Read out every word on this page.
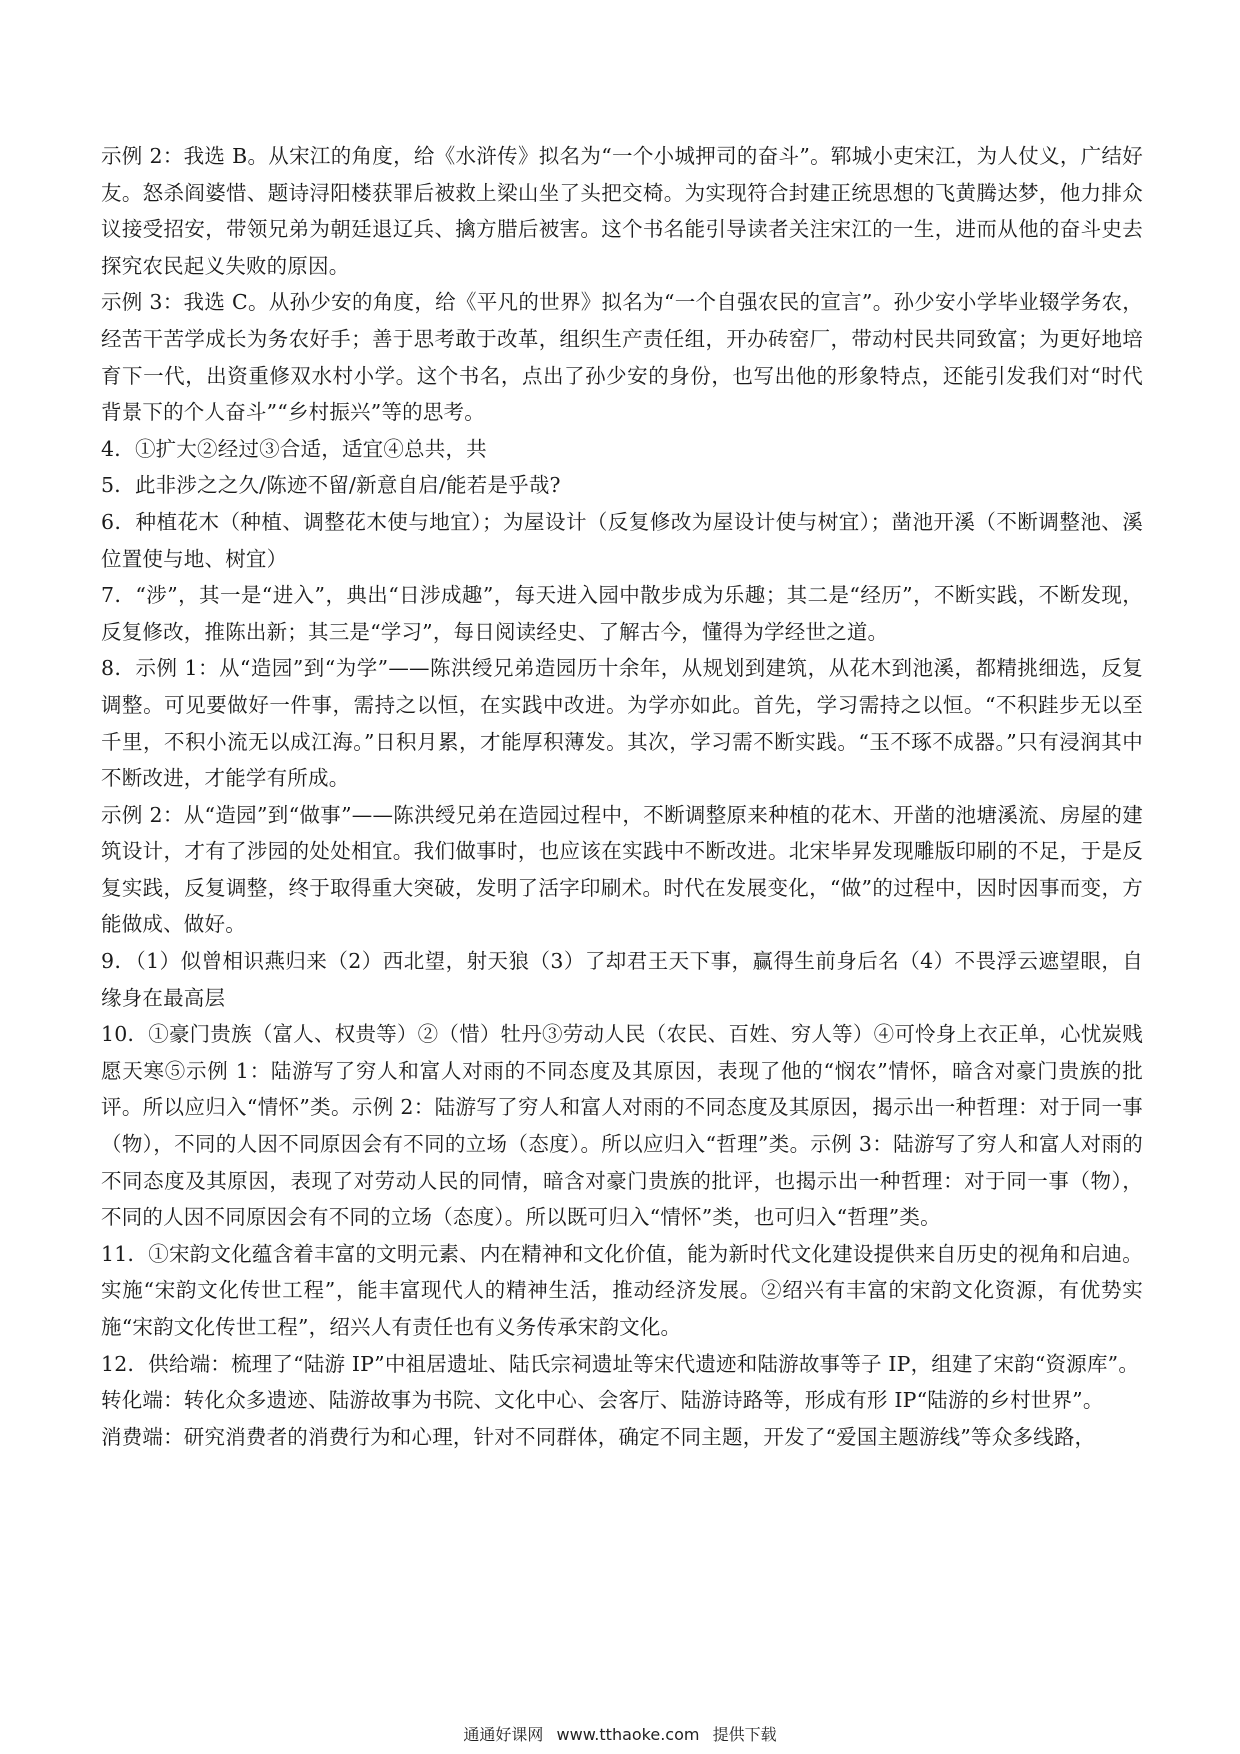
示例 2：我选 B。从宋江的角度，给《水浒传》拟名为“一个小城押司的奋斗”。郓城小吏宋江，为人仗义，广结好友。怒杀阎婆惜、题诗浔阳楼获罪后被救上梁山坐了头把交椅。为实现符合封建正统思想的飞黄腾达梦，他力排众议接受招安，带领兄弟为朝廷退辽兵、擒方腊后被害。这个书名能引导读者关注宋江的一生，进而从他的奋斗史去探究农民起义失败的原因。

示例 3：我选 C。从孙少安的角度，给《平凡的世界》拟名为“一个自强农民的宣言”。孙少安小学毕业辍学务农，经苦干苦学成长为务农好手；善于思考敢于改革，组织生产责任组，开办砖窑厂，带动村民共同致富；为更好地培育下一代，出资重修双水村小学。这个书名，点出了孙少安的身份，也写出他的形象特点，还能引发我们对“时代背景下的个人奋斗”“乡村振兴”等的思考。

4．①扩大②经过③合适，适宜④总共，共

5．此非涉之之久/陈迹不留/新意自启/能若是乎哉?

6．种植花木（种植、调整花木使与地宜）；为屋设计（反复修改为屋设计使与树宜）；凿池开溪（不断调整池、溪位置使与地、树宜）

7．“涉”，其一是“进入”，典出“日涉成趣”，每天进入园中散步成为乐趣；其二是“经历”，不断实践，不断发现，反复修改，推陈出新；其三是“学习”，每日阅读经史、了解古今，懂得为学经世之道。

8．示例 1：从“造园”到“为学”——陈洪绶兄弟造园历十余年，从规划到建筑，从花木到池溪，都精挑细选，反复调整。可见要做好一件事，需持之以恒，在实践中改进。为学亦如此。首先，学习需持之以恒。“不积跬步无以至千里，不积小流无以成江海。”日积月累，才能厚积薄发。其次，学习需不断实践。“玉不琢不成器。”只有浸润其中不断改进，才能学有所成。

示例 2：从“造园”到“做事”——陈洪绶兄弟在造园过程中，不断调整原来种植的花木、开凿的池塘溪流、房屋的建筑设计，才有了涉园的处处相宜。我们做事时，也应该在实践中不断改进。北宋毕昇发现雕版印刷的不足，于是反复实践，反复调整，终于取得重大突破，发明了活字印刷术。时代在发展变化，“做”的过程中，因时因事而变，方能做成、做好。

9．（1）似曾相识燕归来（2）西北望，射天狼（3）了却君王天下事，赢得生前身后名（4）不畏浮云遮望眼，自缘身在最高层

10．①豪门贵族（富人、权贵等）②（惜）牡丹③劳动人民（农民、百姓、穷人等）④可怜身上衣正单，心忧炭贱愿天寒⑤示例 1：陆游写了穷人和富人对雨的不同态度及其原因，表现了他的“悯农”情怀，暗含对豪门贵族的批评。所以应归入“情怀”类。示例 2：陆游写了穷人和富人对雨的不同态度及其原因，揭示出一种哲理：对于同一事（物），不同的人因不同原因会有不同的立场（态度）。所以应归入“哲理”类。示例 3：陆游写了穷人和富人对雨的不同态度及其原因，表现了对劳动人民的同情，暗含对豪门贵族的批评，也揭示出一种哲理：对于同一事（物），不同的人因不同原因会有不同的立场（态度）。所以既可归入“情怀”类，也可归入“哲理”类。

11．①宋韵文化蕴含着丰富的文明元素、内在精神和文化价值，能为新时代文化建设提供来自历史的视角和启迪。实施“宋韵文化传世工程”，能丰富现代人的精神生活，推动经济发展。②绍兴有丰富的宋韵文化资源，有优势实施“宋韵文化传世工程”，绍兴人有责任也有义务传承宋韵文化。

12．供给端：梳理了“陆游 IP”中祖居遗址、陆氏宗祠遗址等宋代遗迹和陆游故事等子 IP，组建了宋韵“资源库”。

转化端：转化众多遗迹、陆游故事为书院、文化中心、会客厅、陆游诗路等，形成有形 IP“陆游的乡村世界”。

消费端：研究消费者的消费行为和心理，针对不同群体，确定不同主题，开发了“爱国主题游线”等众多线路，

通通好课网 www.tthaoke.com 提供下载
